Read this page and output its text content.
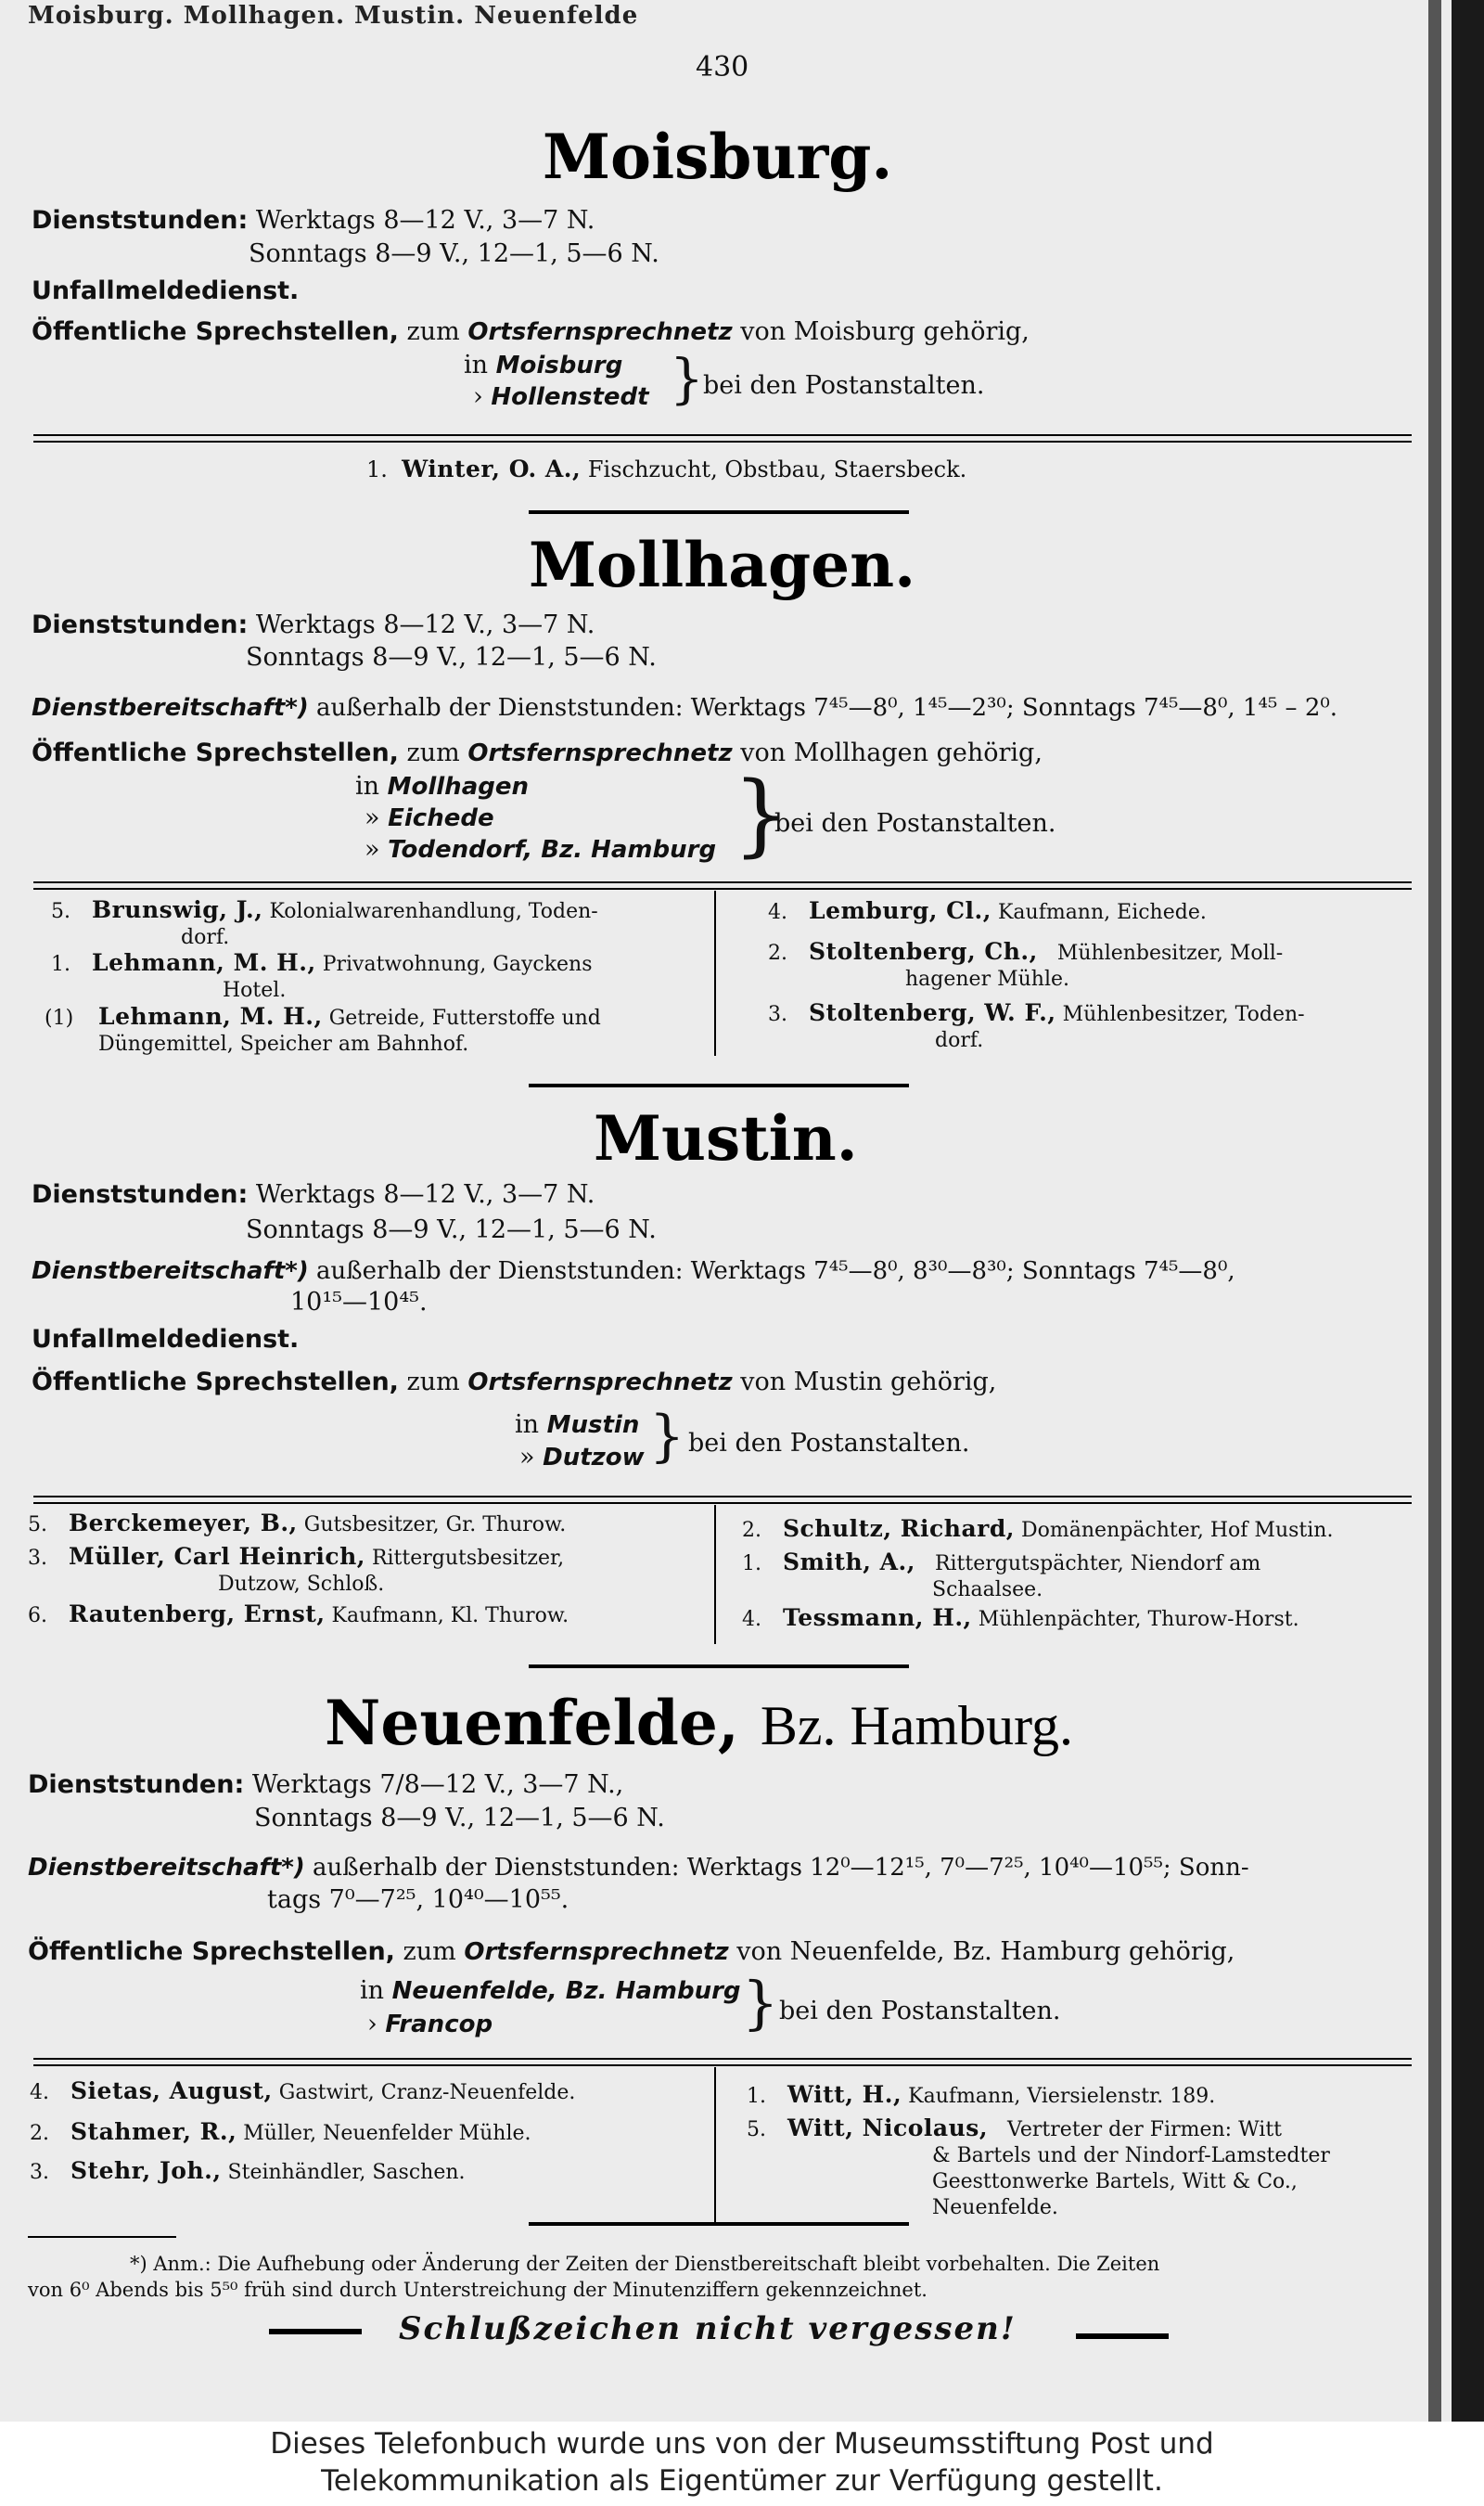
Moisburg. Mollhagen. Mustin. Neuenfelde
430
Moisburg.
Dienststunden: Werktags 8—12 V., 3—7 N.
Sonntags 8—9 V., 12—1, 5—6 N.
Unfallmeldedienst.
Öffentliche Sprechstellen, zum Ortsfernsprechnetz von Moisburg gehörig,
in Moisburg
› Hollenstedt } bei den Postanstalten.
1. Winter, O. A., Fischzucht, Obstbau, Staersbeck.
Mollhagen.
Dienststunden: Werktags 8—12 V., 3—7 N.
Sonntags 8—9 V., 12—1, 5—6 N.
Dienstbereitschaft*) außerhalb der Dienststunden: Werktags 7⁴⁵—8⁰, 1⁴⁵—2³⁰; Sonntags 7⁴⁵—8⁰, 1⁴⁵ – 2⁰.
Öffentliche Sprechstellen, zum Ortsfernsprechnetz von Mollhagen gehörig,
in Mollhagen
» Eichede
» Todendorf, Bz. Hamburg }
bei den Postanstalten.
5. Brunswig, J., Kolonialwarenhandlung, Toden-
dorf.
1. Lehmann, M. H., Privatwohnung, Gayckens
Hotel.
(1) Lehmann, M. H., Getreide, Futterstoffe und
Düngemittel, Speicher am Bahnhof.
4. Lemburg, Cl., Kaufmann, Eichede.
2. Stoltenberg, Ch., Mühlenbesitzer, Moll-
hagener Mühle.
3. Stoltenberg, W. F., Mühlenbesitzer, Toden-
dorf.
Mustin.
Dienststunden: Werktags 8—12 V., 3—7 N.
Sonntags 8—9 V., 12—1, 5—6 N.
Dienstbereitschaft*) außerhalb der Dienststunden: Werktags 7⁴⁵—8⁰, 8³⁰—8³⁰; Sonntags 7⁴⁵—8⁰,
10¹⁵—10⁴⁵.
Unfallmeldedienst.
Öffentliche Sprechstellen, zum Ortsfernsprechnetz von Mustin gehörig,
in Mustin
» Dutzow } bei den Postanstalten.
5. Berckemeyer, B., Gutsbesitzer, Gr. Thurow.
3. Müller, Carl Heinrich, Rittergutsbesitzer,
Dutzow, Schloß.
6. Rautenberg, Ernst, Kaufmann, Kl. Thurow.
2. Schultz, Richard, Domänenpächter, Hof Mustin.
1. Smith, A., Rittergutspächter, Niendorf am
Schaalsee.
4. Tessmann, H., Mühlenpächter, Thurow-Horst.
Neuenfelde, Bz. Hamburg.
Dienststunden: Werktags 7/8—12 V., 3—7 N.,
Sonntags 8—9 V., 12—1, 5—6 N.
Dienstbereitschaft*) außerhalb der Dienststunden: Werktags 12⁰—12¹⁵, 7⁰—7²⁵, 10⁴⁰—10⁵⁵; Sonn-
tags 7⁰—7²⁵, 10⁴⁰—10⁵⁵.
Öffentliche Sprechstellen, zum Ortsfernsprechnetz von Neuenfelde, Bz. Hamburg gehörig,
in Neuenfelde, Bz. Hamburg
› Francop	} bei den Postanstalten.
4. Sietas, August, Gastwirt, Cranz-Neuenfelde.
2. Stahmer, R., Müller, Neuenfelder Mühle.
3. Stehr, Joh., Steinhändler, Saschen.
1. Witt, H., Kaufmann, Viersielenstr. 189.
5. Witt, Nicolaus, Vertreter der Firmen: Witt
& Bartels und der Nindorf-Lamstedter
Geesttonwerke Bartels, Witt & Co.,
Neuenfelde.
*) Anm.: Die Aufhebung oder Änderung der Zeiten der Dienstbereitschaft bleibt vorbehalten. Die Zeiten
von 6⁰ Abends bis 5⁵⁰ früh sind durch Unterstreichung der Minutenziffern gekennzeichnet.
Schlußzeichen nicht vergessen!
Dieses Telefonbuch wurde uns von der Museumsstiftung Post und
Telekommunikation als Eigentümer zur Verfügung gestellt.
